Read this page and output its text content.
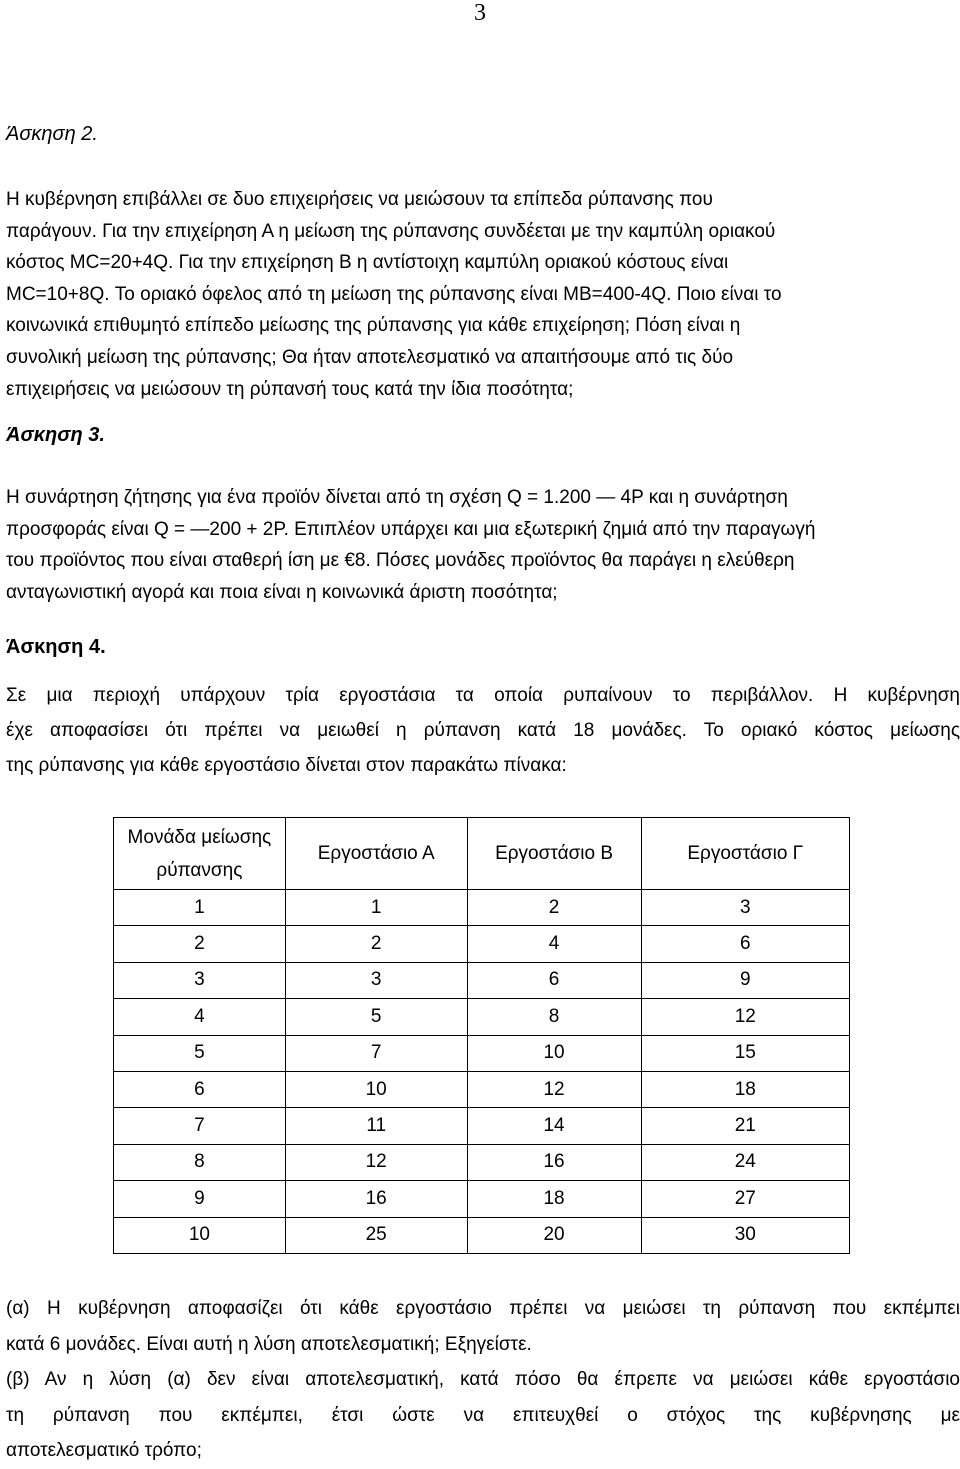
3
Άσκηση 2.

Η κυβέρνηση επιβάλλει σε δυο επιχειρήσεις να μειώσουν τα επίπεδα ρύπανσης που

παράγουν. Για την επιχείρηση Α η μείωση της ρύπανσης συνδέεται με την καμπύλη οριακού

κόστος MC=20+4Q. Για την επιχείρηση Β η αντίστοιχη καμπύλη οριακού κόστους είναι

MC=10+8Q. Το οριακό όφελος από τη μείωση της ρύπανσης είναι MB=400-4Q. Ποιο είναι το

κοινωνικά επιθυμητό επίπεδο μείωσης της ρύπανσης για κάθε επιχείρηση; Πόση είναι η

συνολική μείωση της ρύπανσης; Θα ήταν αποτελεσματικό να απαιτήσουμε από τις δύο

επιχειρήσεις να μειώσουν τη ρύπανσή τους κατά την ίδια ποσότητα;

Άσκηση 3.

Η συνάρτηση ζήτησης για ένα προϊόν δίνεται από τη σχέση Q = 1.200 — 4P και η συνάρτηση

προσφοράς είναι Q = —200 + 2P. Επιπλέον υπάρχει και μια εξωτερική ζημιά από την παραγωγή

του προϊόντος που είναι σταθερή ίση με €8. Πόσες μονάδες προϊόντος θα παράγει η ελεύθερη

ανταγωνιστική αγορά και ποια είναι η κοινωνικά άριστη ποσότητα;

Άσκηση 4.

Σε μια περιοχή υπάρχουν τρία εργοστάσια τα οποία ρυπαίνουν το περιβάλλον. Η κυβέρνηση

έχε αποφασίσει ότι πρέπει να μειωθεί η ρύπανση κατά 18 μονάδες. Το οριακό κόστος μείωσης

της ρύπανσης για κάθε εργοστάσιο δίνεται στον παρακάτω πίνακα:

Μονάδα μείωσης ρύπανσης	Εργοστάσιο Α	Εργοστάσιο Β	Εργοστάσιο Γ
1	1	2	3
2	2	4	6
3	3	6	9
4	5	8	12
5	7	10	15
6	10	12	18
7	11	14	21
8	12	16	24
9	16	18	27
10	25	20	30

(α) Η κυβέρνηση αποφασίζει ότι κάθε εργοστάσιο πρέπει να μειώσει τη ρύπανση που εκπέμπει

κατά 6 μονάδες. Είναι αυτή η λύση αποτελεσματική; Εξηγείστε.

(β) Αν η λύση (α) δεν είναι αποτελεσματική, κατά πόσο θα έπρεπε να μειώσει κάθε εργοστάσιο

τη ρύπανση που εκπέμπει, έτσι ώστε να επιτευχθεί ο στόχος της κυβέρνησης με

αποτελεσματικό τρόπο;
